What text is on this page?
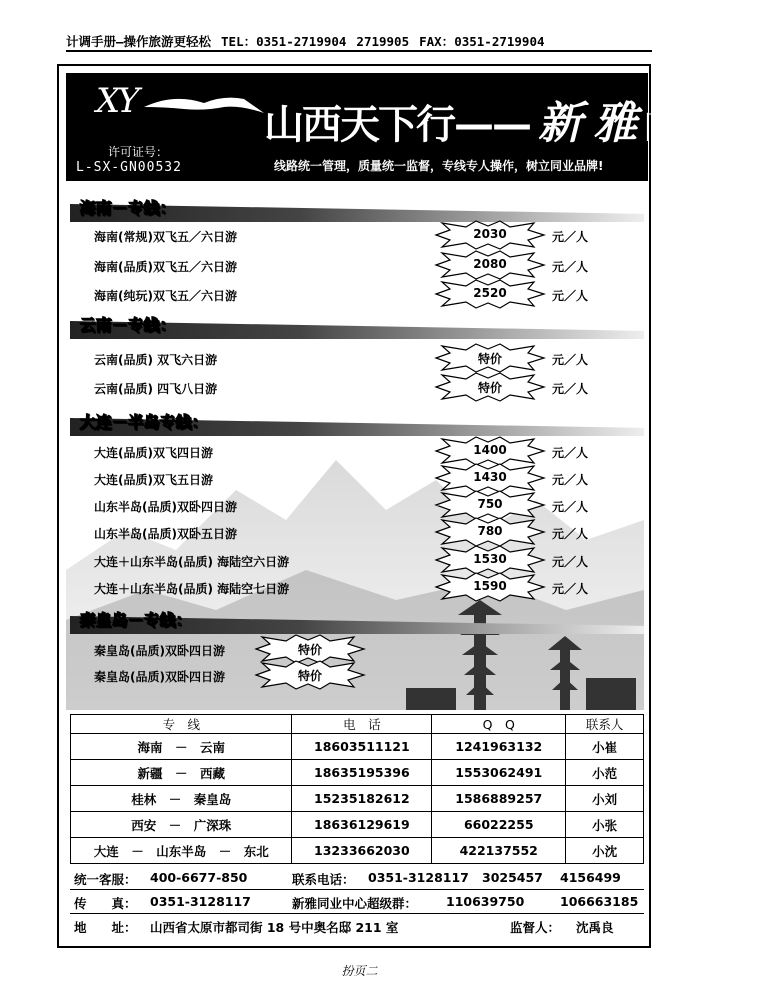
计调手册—操作旅游更轻松 TEL：0351-2719904 2719905 FAX：0351-2719904
XY
山西天下行—— 新 雅 同业中心
许可证号：
L-SX-GN00532	线路统一管理，质量统一监督，专线专人操作，树立同业品牌!
海南－专线：
海南(常规)双飞五／六日游	2030	元／人
海南(品质)双飞五／六日游	2080	元／人
海南(纯玩)双飞五／六日游	2520	元／人
云南－专线：
云南(品质) 双飞六日游	特价	元／人
云南(品质) 四飞八日游	特价	元／人
大连－半岛专线：
大连(品质)双飞四日游	1400	元／人
大连(品质)双飞五日游	1430	元／人
山东半岛(品质)双卧四日游	750	元／人
山东半岛(品质)双卧五日游	780	元／人
大连＋山东半岛(品质) 海陆空六日游	1530	元／人
大连＋山东半岛(品质) 海陆空七日游	1590	元／人
秦皇岛－专线：
秦皇岛(品质)双卧四日游	特价
秦皇岛(品质)双卧四日游	特价
专　线	电　话	Q　Q	联系人
海南　－　云南	18603511121	1241963132	小崔
新疆　－　西藏	18635195396	1553062491	小范
桂林　－　秦皇岛	15235182612	1586889257	小刘
西安　－　广深珠	18636129619	66022255	小张
大连　－　山东半岛　－　东北	13233662030	422137552	小沈
统一客服： 400-6677-850	联系电话： 0351-3128117 3025457 4156499
传　　真： 0351-3128117	新雅同业中心超级群： 110639750	106663185
地　　址： 山西省太原市都司街 18 号中奥名邸 211 室	监督人： 沈禹良
扮页二
